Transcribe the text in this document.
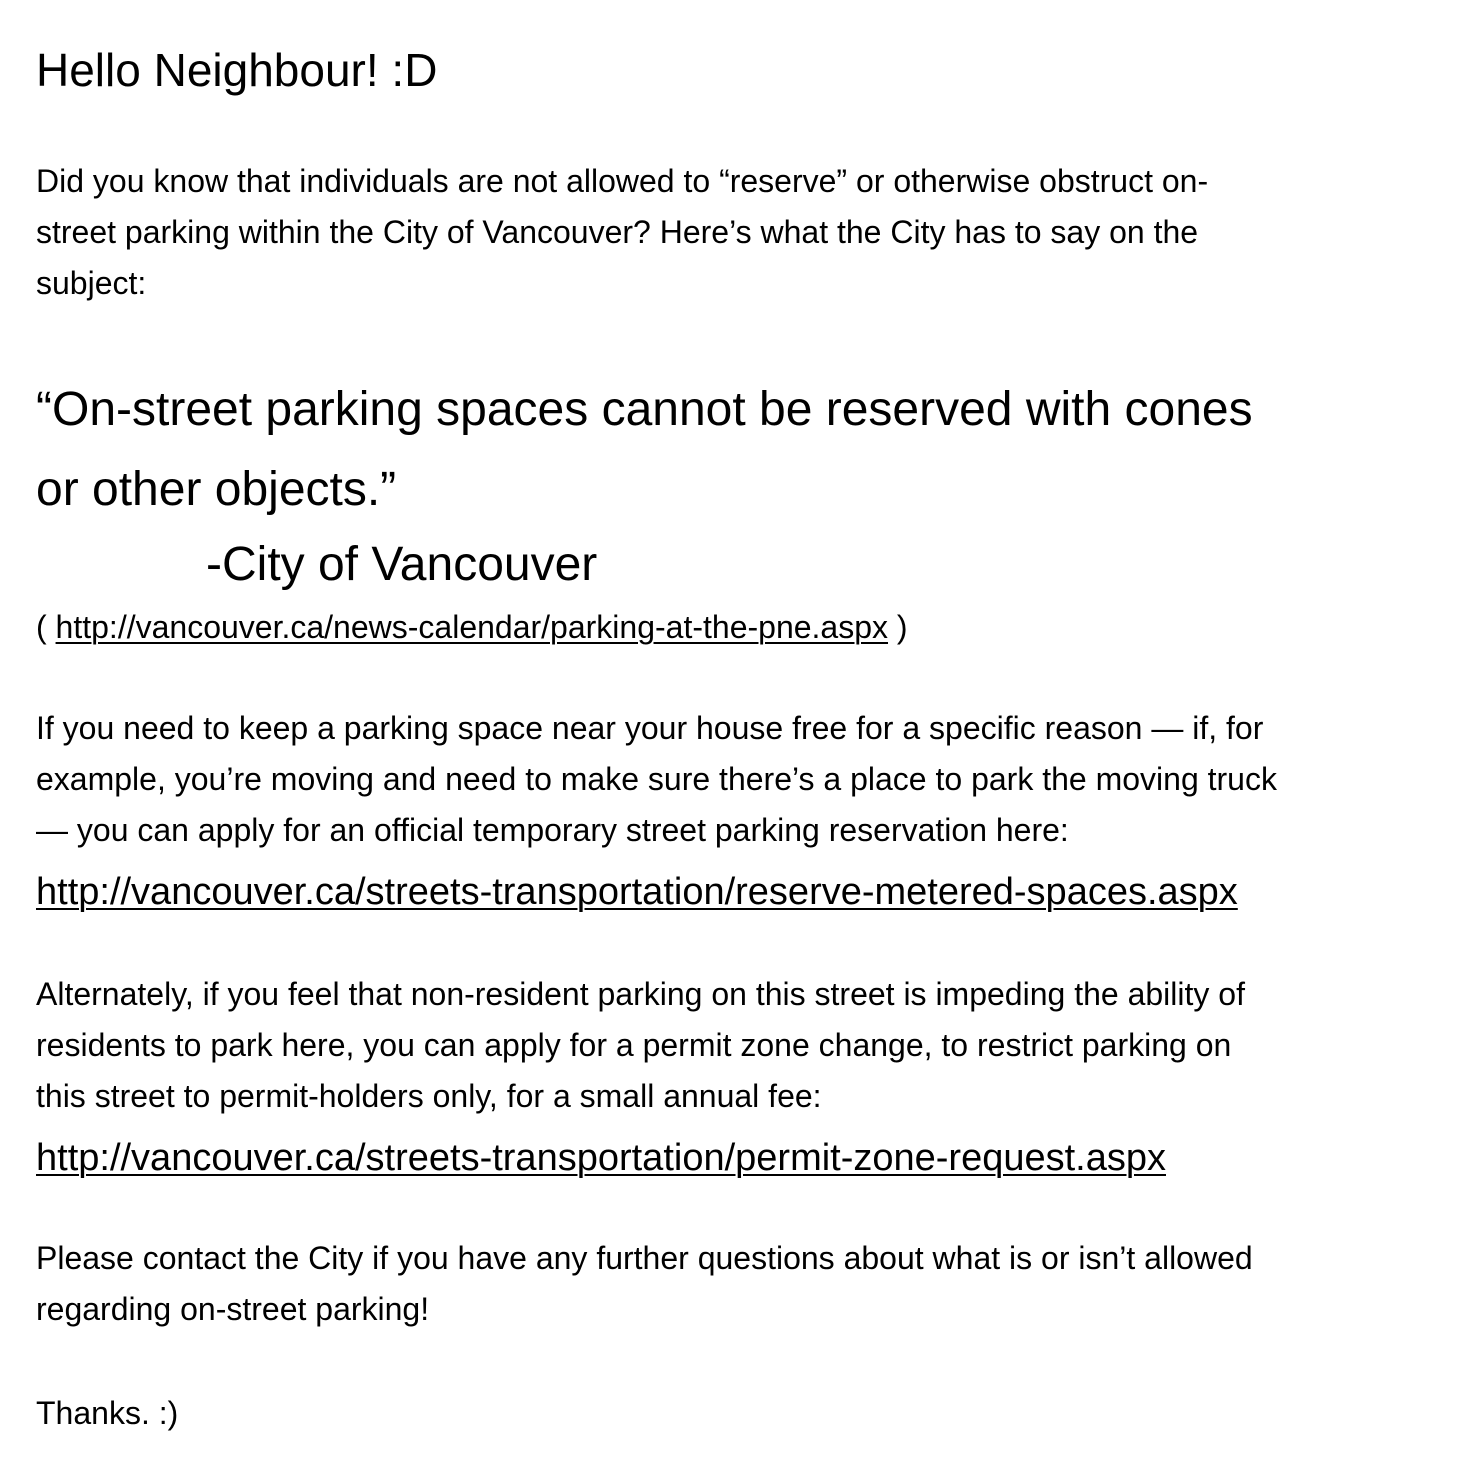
Hello Neighbour! :D

Did you know that individuals are not allowed to “reserve” or otherwise obstruct on-
street parking within the City of Vancouver? Here’s what the City has to say on the
subject:

“On-street parking spaces cannot be reserved with cones
or other objects.”
-City of Vancouver
( http://vancouver.ca/news-calendar/parking-at-the-pne.aspx )

If you need to keep a parking space near your house free for a specific reason — if, for
example, you’re moving and need to make sure there’s a place to park the moving truck
— you can apply for an official temporary street parking reservation here:

http://vancouver.ca/streets-transportation/reserve-metered-spaces.aspx

Alternately, if you feel that non-resident parking on this street is impeding the ability of
residents to park here, you can apply for a permit zone change, to restrict parking on
this street to permit-holders only, for a small annual fee:

http://vancouver.ca/streets-transportation/permit-zone-request.aspx

Please contact the City if you have any further questions about what is or isn’t allowed
regarding on-street parking!

Thanks. :)
